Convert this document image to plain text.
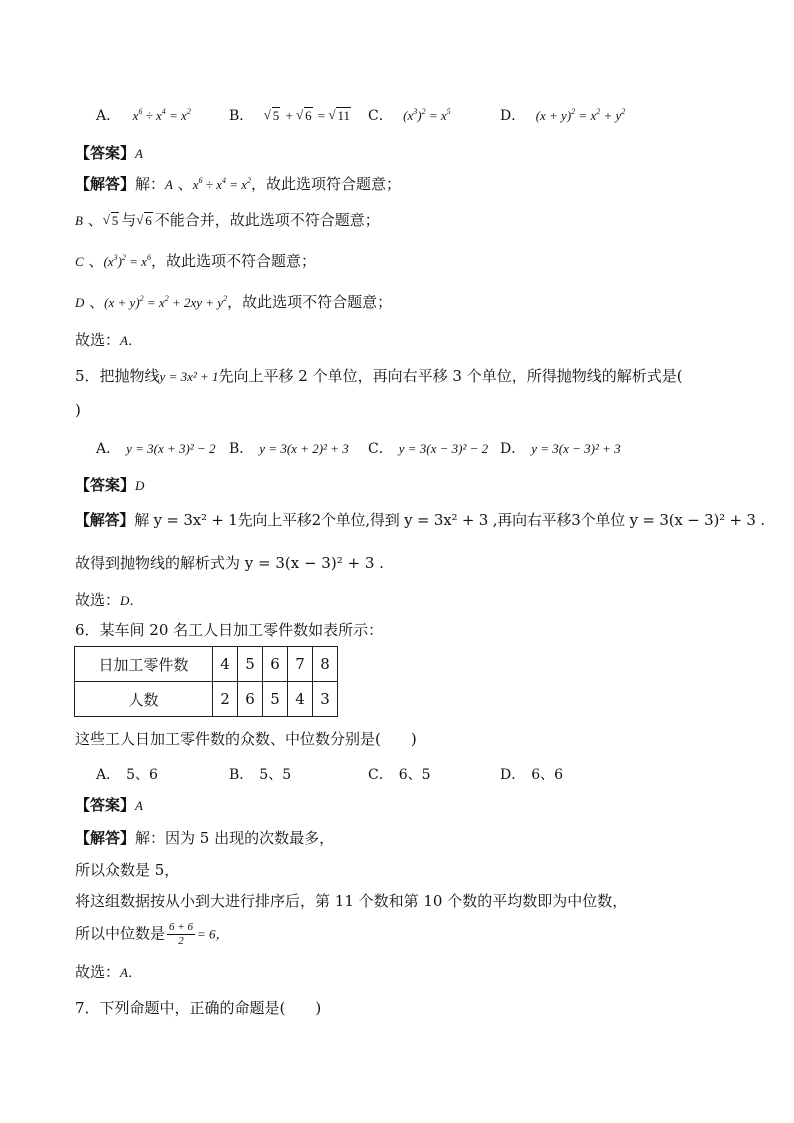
A． $x^6 \div x^4 = x^2$	B． √ 5 + √ 6 = √ 11 C． $(x^3)^2 = x^5$	D． $(x + y)^2 = x^2 + y^2$
【答案】A
【解答】解：A 、$x^6 \div x^4 = x^2$，故此选项符合题意；
B 、 √ 5 与 √ 6 不能合并，故此选项不符合题意；
C 、$(x^3)^2 = x^6$，故此选项不符合题意；
D 、$(x + y)^2 = x^2 + 2xy + y^2$，故此选项不符合题意；
故选：A．
5．把抛物线y = 3x² + 1先向上平移 2 个单位，再向右平移 3 个单位，所得抛物线的解析式是(
)
A． y = 3(x + 3)² − 2 B． y = 3(x + 2)² + 3 C． y = 3(x − 3)² − 2 D． y = 3(x − 3)² + 3
【答案】D
【解答】解 y = 3x² + 1先向上平移2个单位,得到 y = 3x² + 3 ,再向右平移3个单位 y = 3(x − 3)² + 3 .
故得到抛物线的解析式为 y = 3(x − 3)² + 3 .
故选：D．
6．某车间 20 名工人日加工零件数如表所示：
日加工零件数	4	5	6	7	8
人数	2	6	5	4	3
这些工人日加工零件数的众数、中位数分别是(　　)
A． 5、6	B． 5、5	C． 6、5	D． 6、6
【答案】A
【解答】解：因为 5 出现的次数最多，
所以众数是 5，
将这组数据按从小到大进行排序后，第 11 个数和第 10 个数的平均数即为中位数，
所以中位数是 $\frac{6 + 6}{2} = 6$，
故选：A．
7．下列命题中，正确的命题是(　　)
